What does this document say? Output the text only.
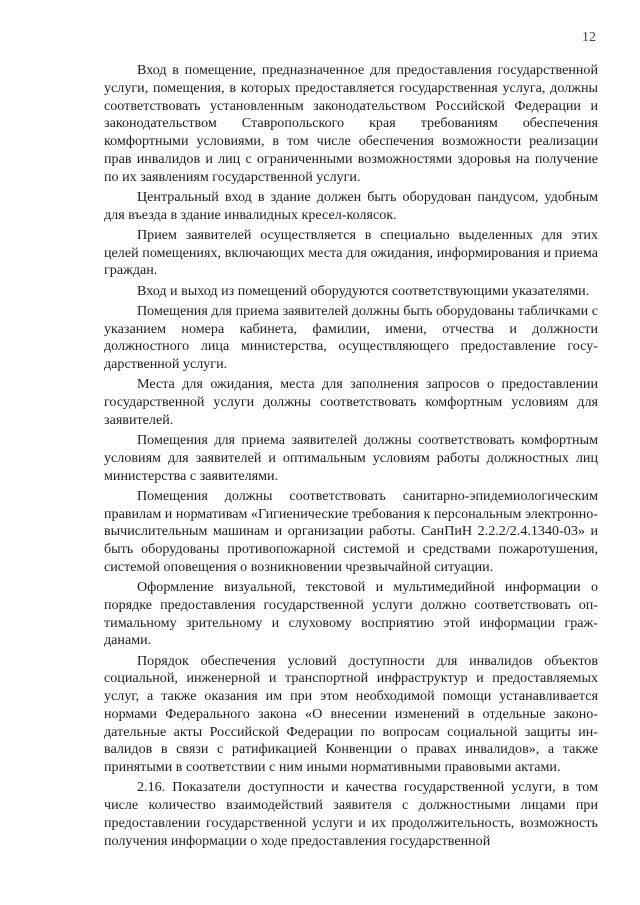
12

Вход в помещение, предназначенное для предоставления государственной услуги, помещения, в которых предоставляется государственная услуга, должны соответствовать установленным законодательством Российской Федерации и законодательством Ставропольского края требованиям обеспечения комфортными условиями, в том числе обеспечения возможности реализации прав инвалидов и лиц с ограниченными возможностями здоровья на получение по их заявлениям государственной услуги.

Центральный вход в здание должен быть оборудован пандусом, удобным для въезда в здание инвалидных кресел-колясок.

Прием заявителей осуществляется в специально выделенных для этих целей помещениях, включающих места для ожидания, информирования и приема граждан.

Вход и выход из помещений оборудуются соответствующими указателями.

Помещения для приема заявителей должны быть оборудованы табличками с указанием номера кабинета, фамилии, имени, отчества и должности должностного лица министерства, осуществляющего предоставление государственной услуги.

Места для ожидания, места для заполнения запросов о предоставлении государственной услуги должны соответствовать комфортным условиям для заявителей.

Помещения для приема заявителей должны соответствовать комфортным условиям для заявителей и оптимальным условиям работы должностных лиц министерства с заявителями.

Помещения должны соответствовать санитарно-эпидемиологическим правилам и нормативам «Гигиенические требования к персональным электронно-вычислительным машинам и организации работы. СанПиН 2.2.2/2.4.1340-03» и быть оборудованы противопожарной системой и средствами пожаротушения, системой оповещения о возникновении чрезвычайной ситуации.

Оформление визуальной, текстовой и мультимедийной информации о порядке предоставления государственной услуги должно соответствовать оптимальному зрительному и слуховому восприятию этой информации гражданами.

Порядок обеспечения условий доступности для инвалидов объектов социальной, инженерной и транспортной инфраструктур и предоставляемых услуг, а также оказания им при этом необходимой помощи устанавливается нормами Федерального закона «О внесении изменений в отдельные законодательные акты Российской Федерации по вопросам социальной защиты инвалидов в связи с ратификацией Конвенции о правах инвалидов», а также принятыми в соответствии с ним иными нормативными правовыми актами.

2.16. Показатели доступности и качества государственной услуги, в том числе количество взаимодействий заявителя с должностными лицами при предоставлении государственной услуги и их продолжительность, возможность получения информации о ходе предоставления государственной
